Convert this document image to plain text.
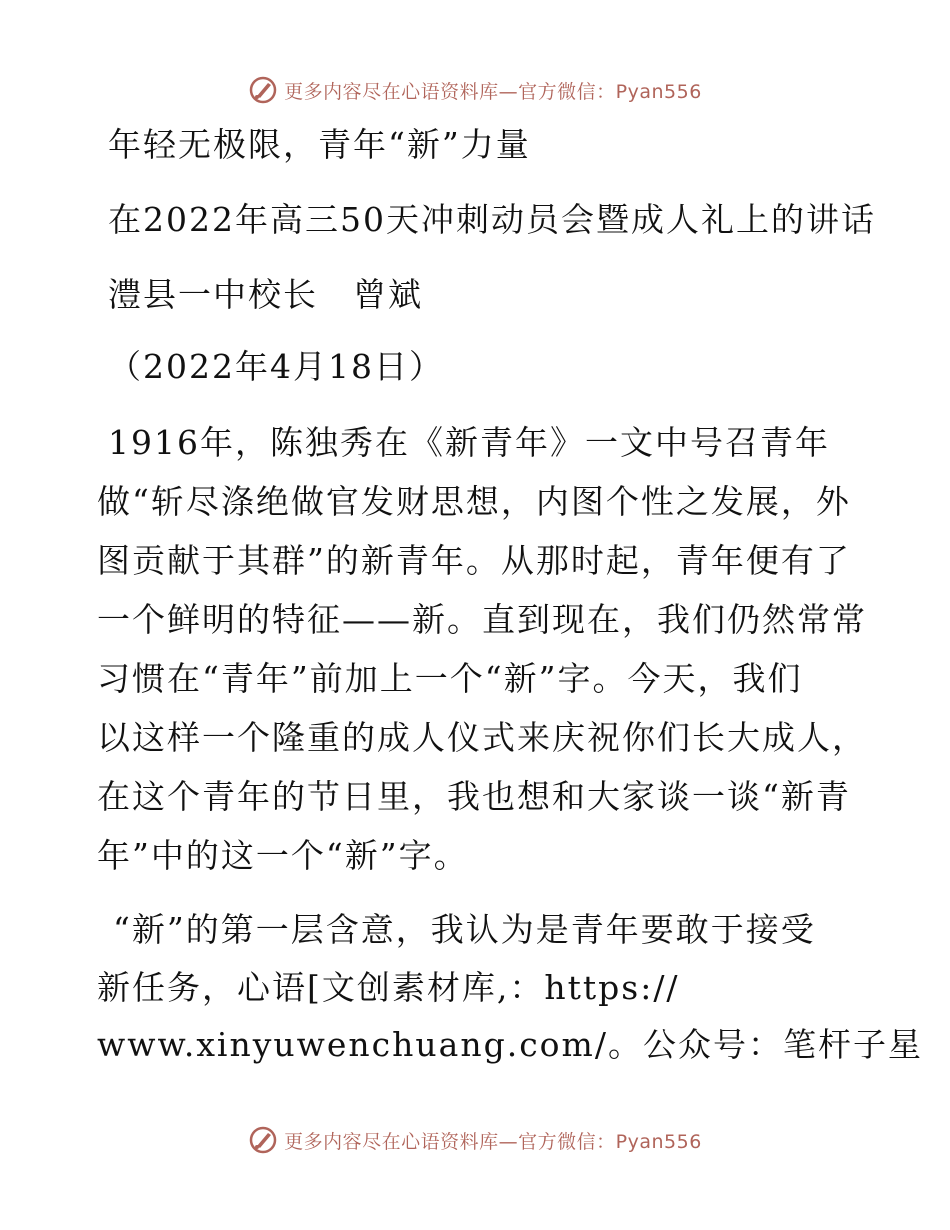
更多内容尽在心语资料库—官方微信：Pyan556
年轻无极限，青年“新”力量
在2022年高三50天冲刺动员会暨成人礼上的讲话
澧县一中校长　曾斌
（2022年4月18日）
1916年，陈独秀在《新青年》一文中号召青年
做“斩尽涤绝做官发财思想，内图个性之发展，外
图贡献于其群”的新青年。从那时起，青年便有了
一个鲜明的特征——新。直到现在，我们仍然常常
习惯在“青年”前加上一个“新”字。今天，我们
以这样一个隆重的成人仪式来庆祝你们长大成人，
在这个青年的节日里，我也想和大家谈一谈“新青
年”中的这一个“新”字。
“新”的第一层含意，我认为是青年要敢于接受
新任务，心语[文创素材库,：https://
www.xinyuwenchuang.com/。公众号：笔杆子星
更多内容尽在心语资料库—官方微信：Pyan556
